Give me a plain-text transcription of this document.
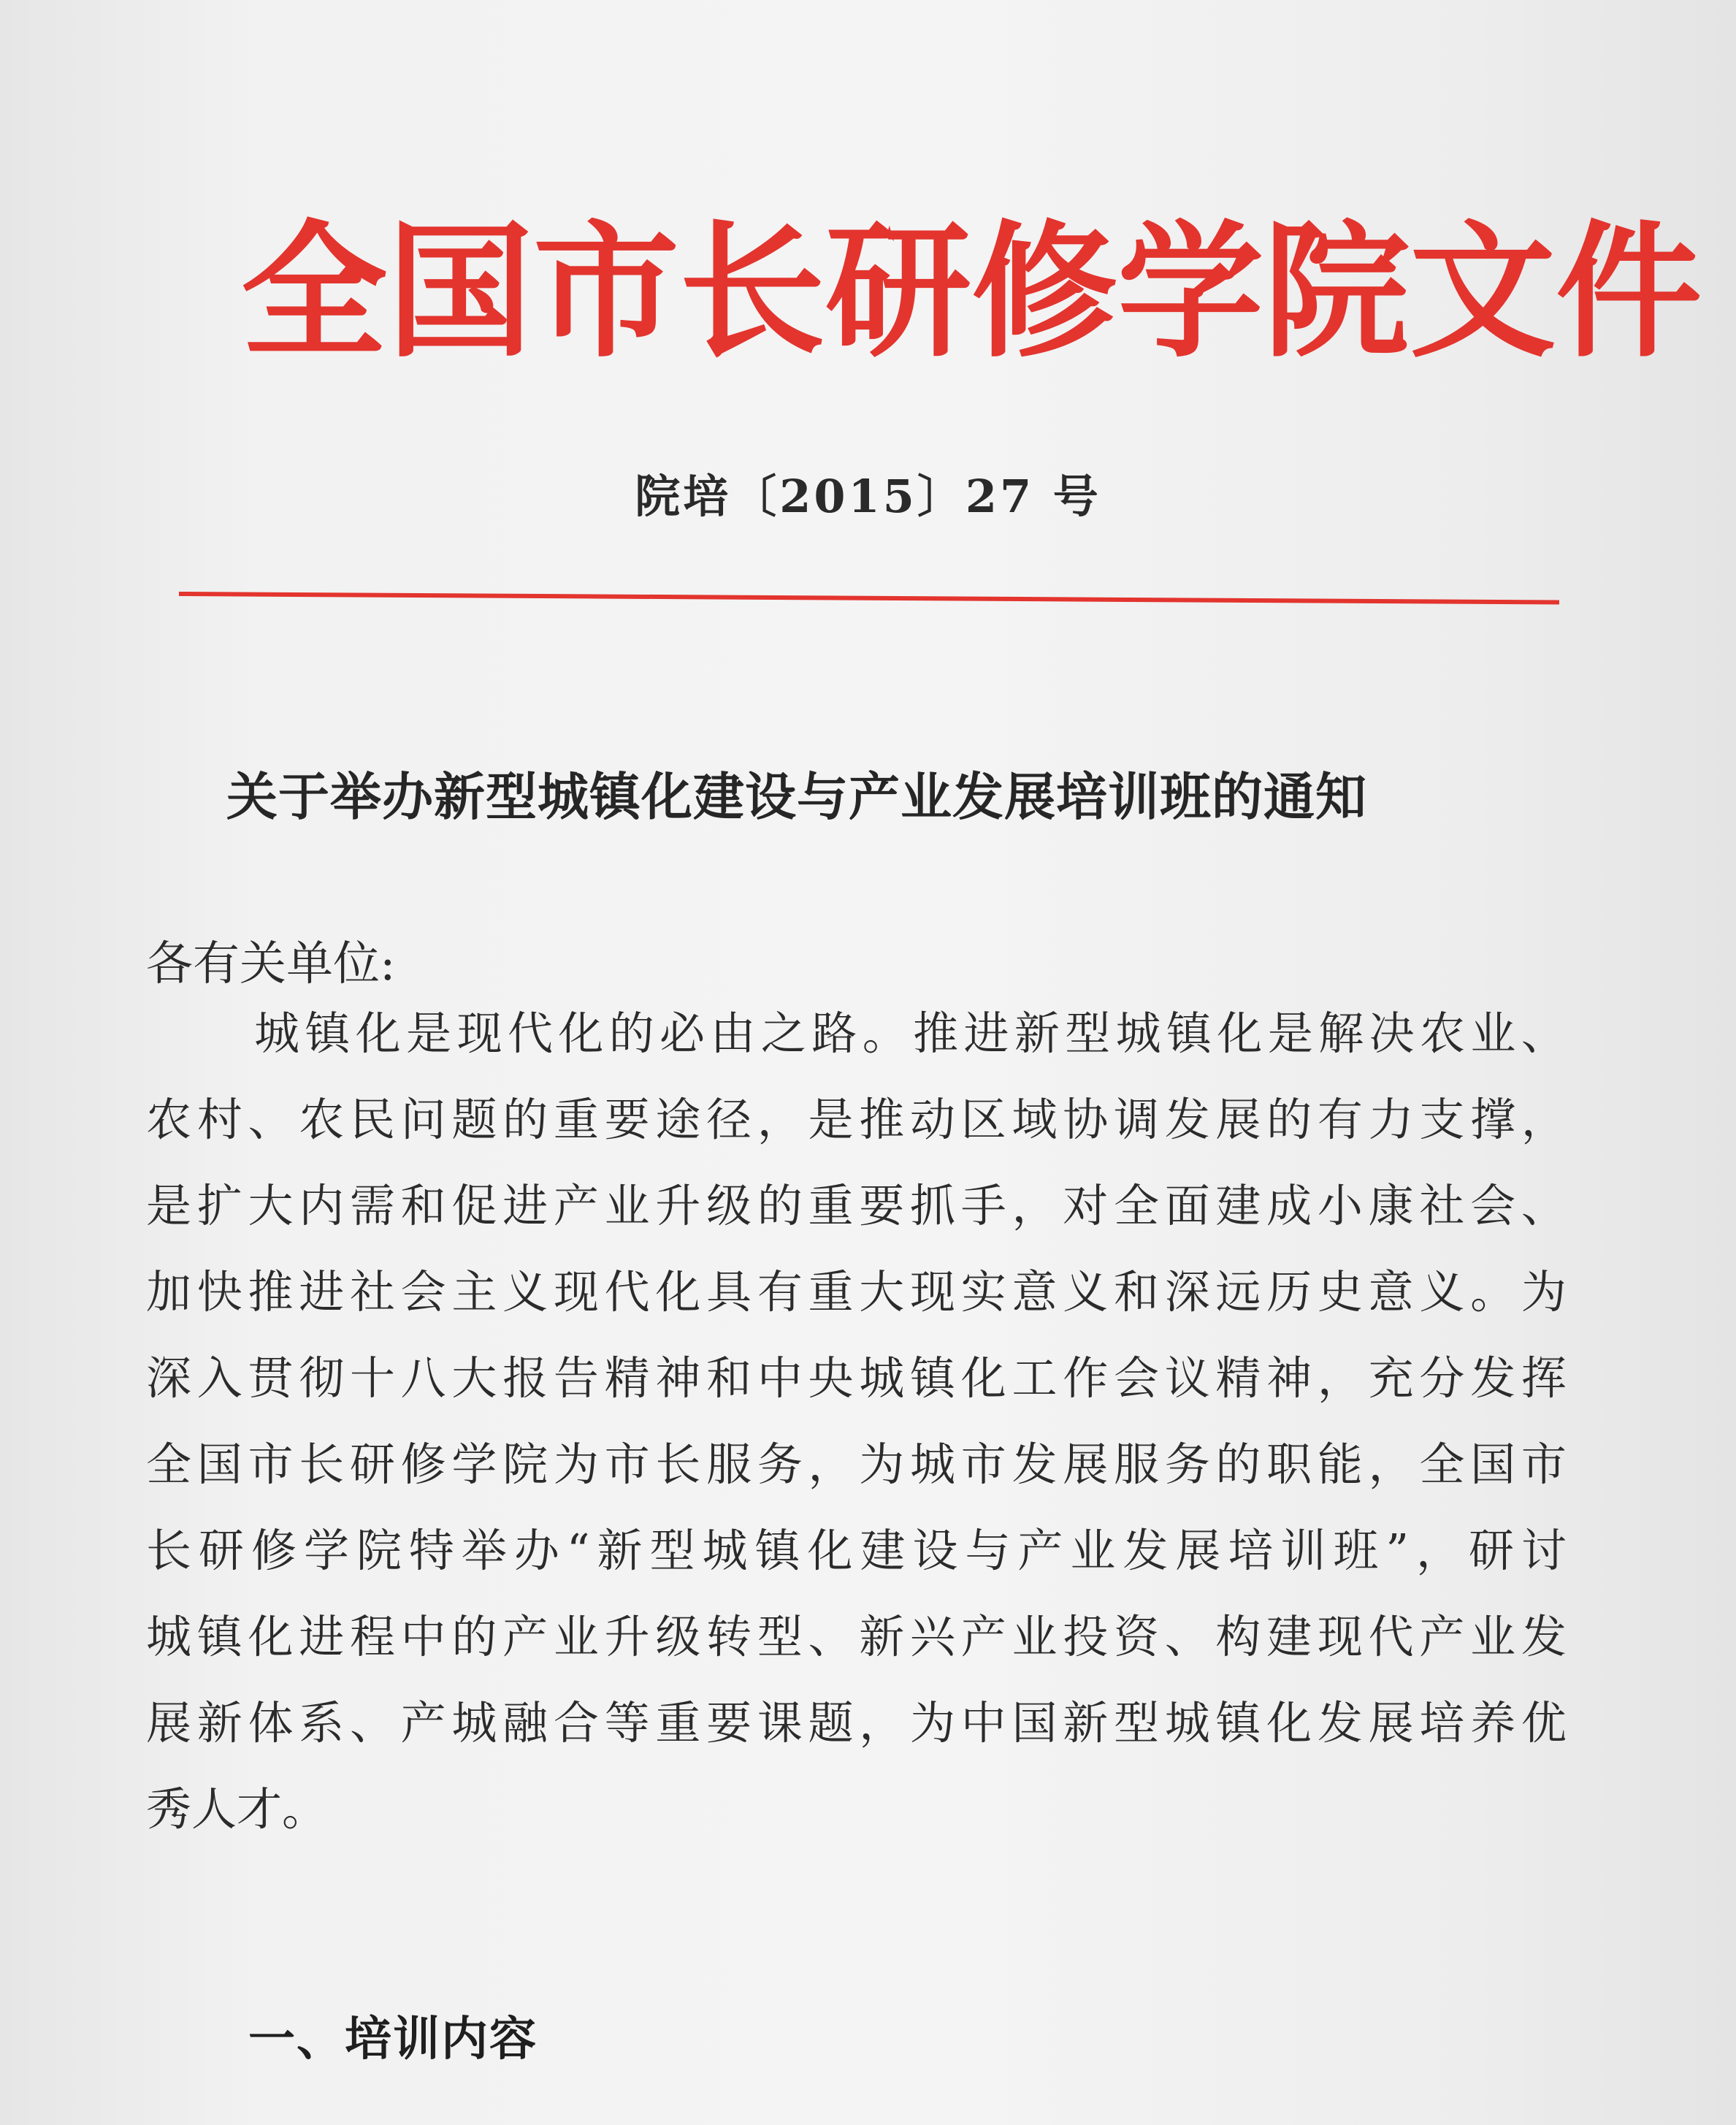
全 国 市 长 研 修 学 院 文 件

院培〔2015〕27 号

关于举办新型城镇化建设与产业发展培训班的通知

各有关单位:

城 镇 化 是 现 代 化 的 必 由 之 路 。 推 进 新 型 城 镇 化 是 解 决 农 业 、
农 村 、 农 民 问 题 的 重 要 途 径 ， 是 推 动 区 域 协 调 发 展 的 有 力 支 撑 ，
是 扩 大 内 需 和 促 进 产 业 升 级 的 重 要 抓 手 ， 对 全 面 建 成 小 康 社 会 、
加 快 推 进 社 会 主 义 现 代 化 具 有 重 大 现 实 意 义 和 深 远 历 史 意 义 。 为
深 入 贯 彻 十 八 大 报 告 精 神 和 中 央 城 镇 化 工 作 会 议 精 神 ， 充 分 发 挥
全 国 市 长 研 修 学 院 为 市 长 服 务 ， 为 城 市 发 展 服 务 的 职 能 ， 全 国 市
长 研 修 学 院 特 举 办 “ 新 型 城 镇 化 建 设 与 产 业 发 展 培 训 班 ” ， 研 讨
城 镇 化 进 程 中 的 产 业 升 级 转 型 、 新 兴 产 业 投 资 、 构 建 现 代 产 业 发
展 新 体 系 、 产 城 融 合 等 重 要 课 题 ， 为 中 国 新 型 城 镇 化 发 展 培 养 优
秀人才。
一、培训内容
